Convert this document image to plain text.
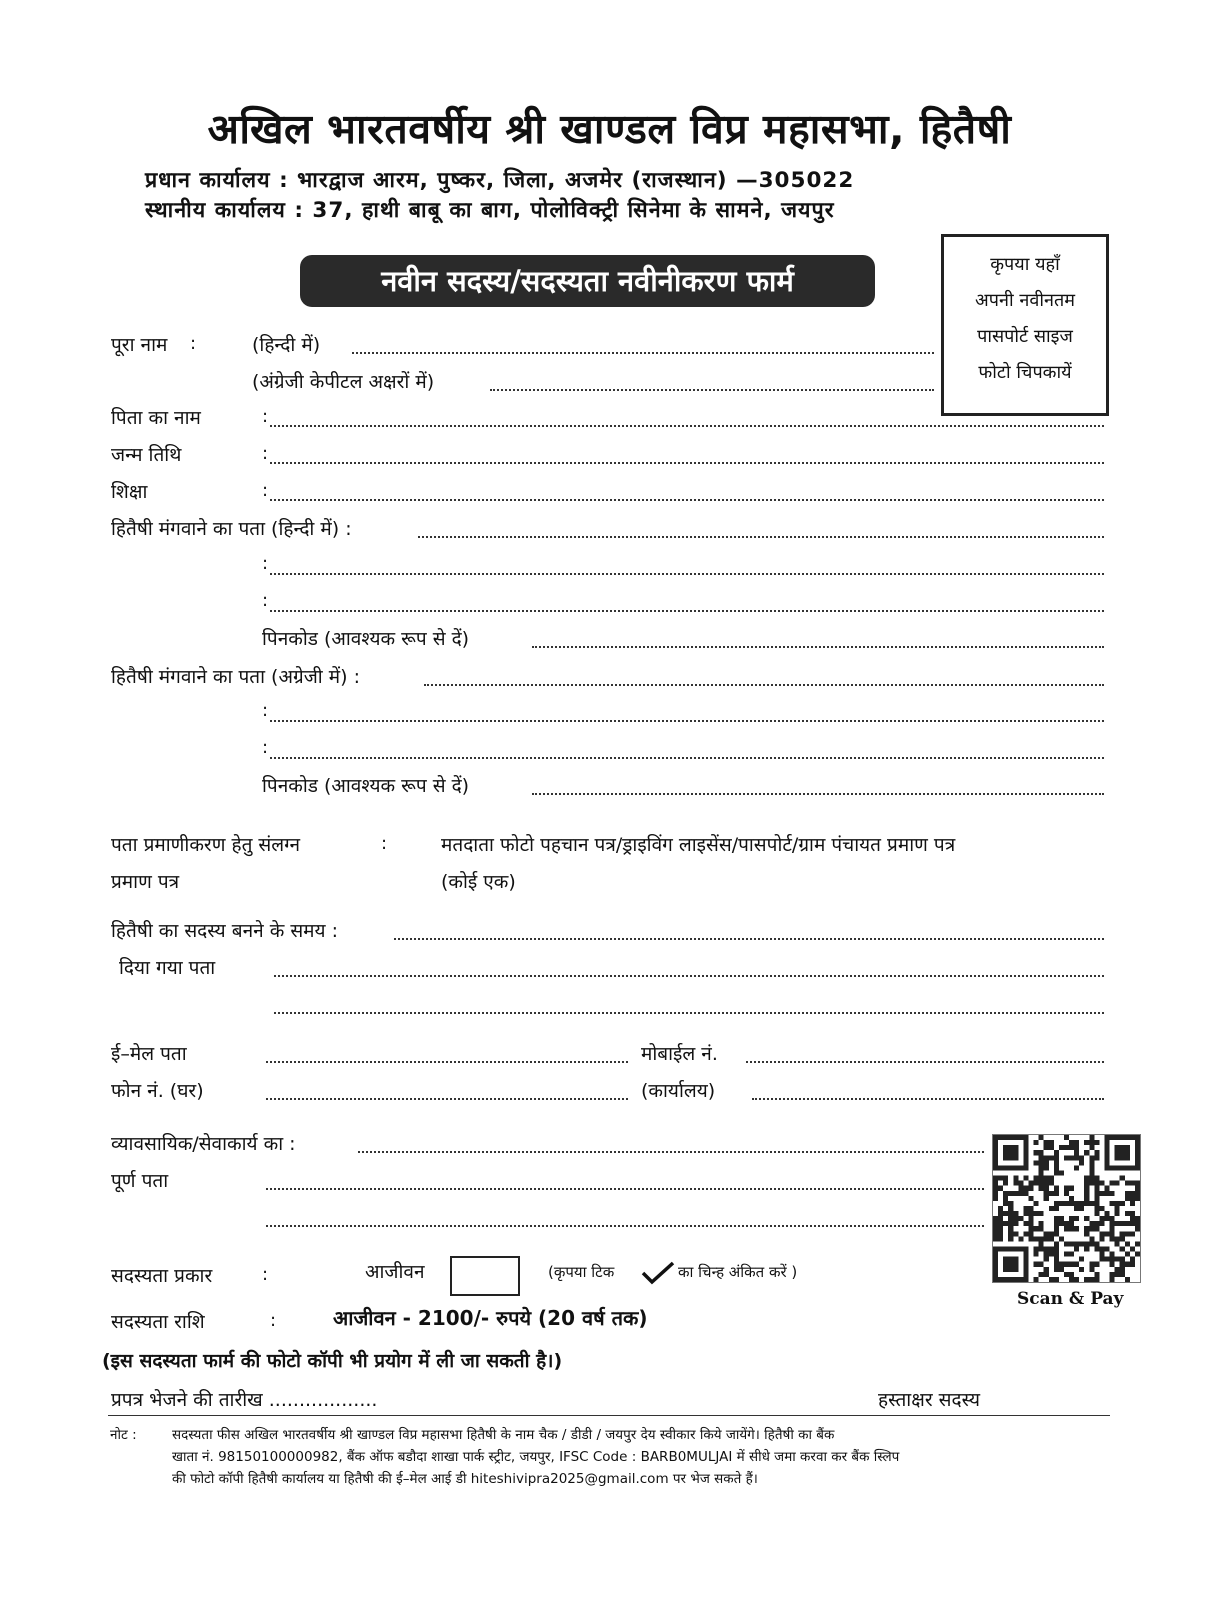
अखिल भारतवर्षीय श्री खाण्डल विप्र महासभा, हितैषी
प्रधान कार्यालय : भारद्वाज आरम, पुष्कर, जिला, अजमेर (राजस्थान) —305022
स्थानीय कार्यालय : 37, हाथी बाबू का बाग, पोलोविक्ट्री सिनेमा के सामने, जयपुर
नवीन सदस्य/सदस्यता नवीनीकरण फार्म	कृपया यहाँ
अपनी नवीनतम
पासपोर्ट साइज
फोटो चिपकायें
पूरा नाम :	(हिन्दी में)
(अंग्रेजी केपीटल अक्षरों में)
पिता का नाम	:
जन्म तिथि	:
शिक्षा	:
हितैषी मंगवाने का पता (हिन्दी में) :
:
:
पिनकोड (आवश्यक रूप से दें)
हितैषी मंगवाने का पता (अग्रेजी में) :
:
:
पिनकोड (आवश्यक रूप से दें)
पता प्रमाणीकरण हेतु संलग्न	:	मतदाता फोटो पहचान पत्र/ड्राइविंग लाइसेंस/पासपोर्ट/ग्राम पंचायत प्रमाण पत्र
प्रमाण पत्र	(कोई एक)
हितैषी का सदस्य बनने के समय :
दिया गया पता
ई–मेल पता	मोबाईल नं.
फोन नं. (घर)	(कार्यालय)
व्यावसायिक/सेवाकार्य का :
पूर्ण पता
Scan & Pay
सदस्यता प्रकार	:	आजीवन	(कृपया टिक	का चिन्ह अंकित करें )
सदस्यता राशि	:	आजीवन - 2100/- रुपये (20 वर्ष तक)
(इस सदस्यता फार्म की फोटो कॉपी भी प्रयोग में ली जा सकती है।)
प्रपत्र भेजने की तारीख ..................	हस्ताक्षर सदस्य
नोट :	सदस्यता फीस अखिल भारतवर्षीय श्री खाण्डल विप्र महासभा हितैषी के नाम चैक / डीडी / जयपुर देय स्वीकार किये जायेंगे। हितैषी का बैंक
खाता नं. 98150100000982, बैंक ऑफ बडौदा शाखा पार्क स्ट्रीट, जयपुर, IFSC Code : BARB0MULJAI में सीधे जमा करवा कर बैंक स्लिप
की फोटो कॉपी हितैषी कार्यालय या हितैषी की ई–मेल आई डी hiteshivipra2025@gmail.com पर भेज सकते हैं।
